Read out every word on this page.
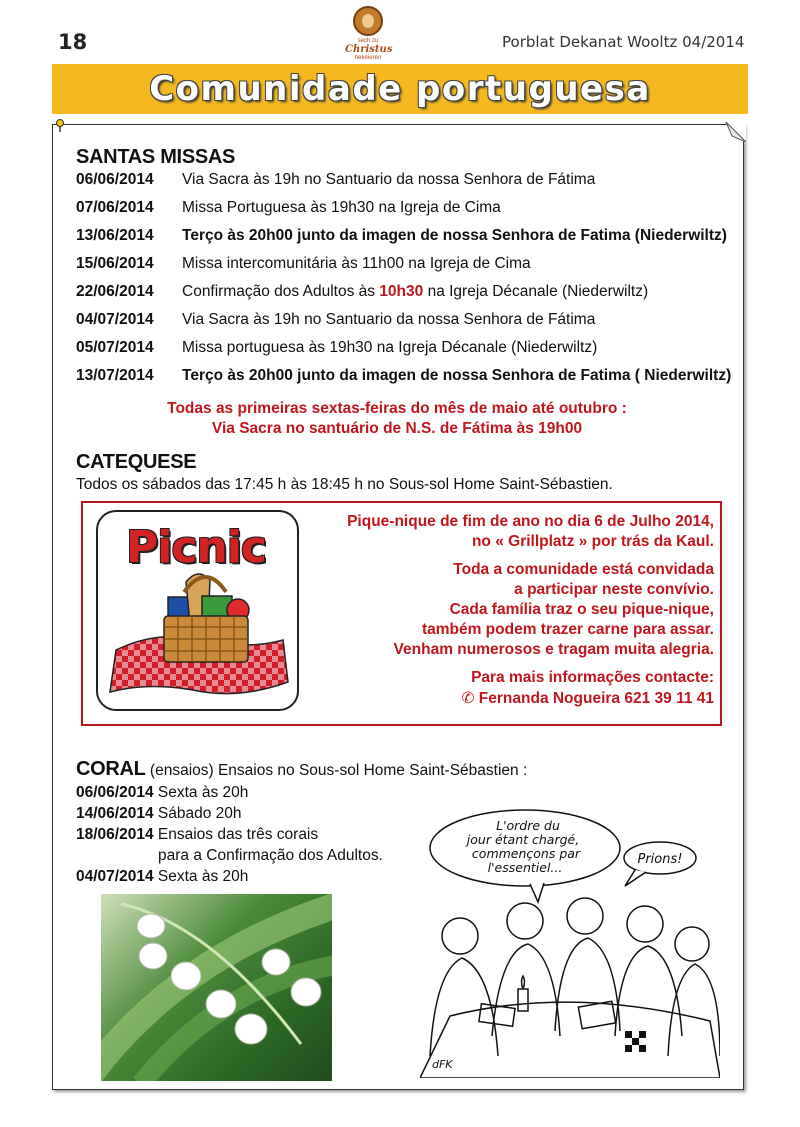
18	sech zu
Christus
bekéieren
Porblat Dekanat Wooltz 04/2014
Comunidade portuguesa
SANTAS MISSAS
06/06/2014 Via Sacra às 19h no Santuario da nossa Senhora de Fátima
07/06/2014 Missa Portuguesa às 19h30 na Igreja de Cima
13/06/2014 Terço às 20h00 junto da imagen de nossa Senhora de Fatima (Niederwiltz)
15/06/2014 Missa intercomunitária às 11h00 na Igreja de Cima
22/06/2014 Confirmação dos Adultos às 10h30 na Igreja Décanale (Niederwiltz)
04/07/2014 Via Sacra às 19h no Santuario da nossa Senhora de Fátima
05/07/2014 Missa portuguesa às 19h30 na Igreja Décanale (Niederwiltz)
13/07/2014 Terço às 20h00 junto da imagen de nossa Senhora de Fatima ( Niederwiltz)
Todas as primeiras sextas-feiras do mês de maio até outubro :
Via Sacra no santuário de N.S. de Fátima às 19h00
CATEQUESE
Todos os sábados das 17:45 h às 18:45 h no Sous-sol Home Saint-Sébastien.
Picnic

Pique-nique de fim de ano no dia 6 de Julho 2014,
no « Grillplatz » por trás da Kaul.

Toda a comunidade está convidada
a participar neste convívio.
Cada família traz o seu pique-nique,
também podem trazer carne para assar.
Venham numerosos e tragam muita alegria.

Para mais informações contacte:
✆ Fernanda Nogueira 621 39 11 41

CORAL (ensaios) Ensaios no Sous-sol Home Saint-Sébastien :
06/06/2014 Sexta às 20h
14/06/2014 Sábado 20h
18/06/2014 Ensaios das três corais
para a Confirmação dos Adultos.
04/07/2014 Sexta às 20h
L'ordre du jour étant chargé, commençons par l'essentiel...
Prions!
dFK
